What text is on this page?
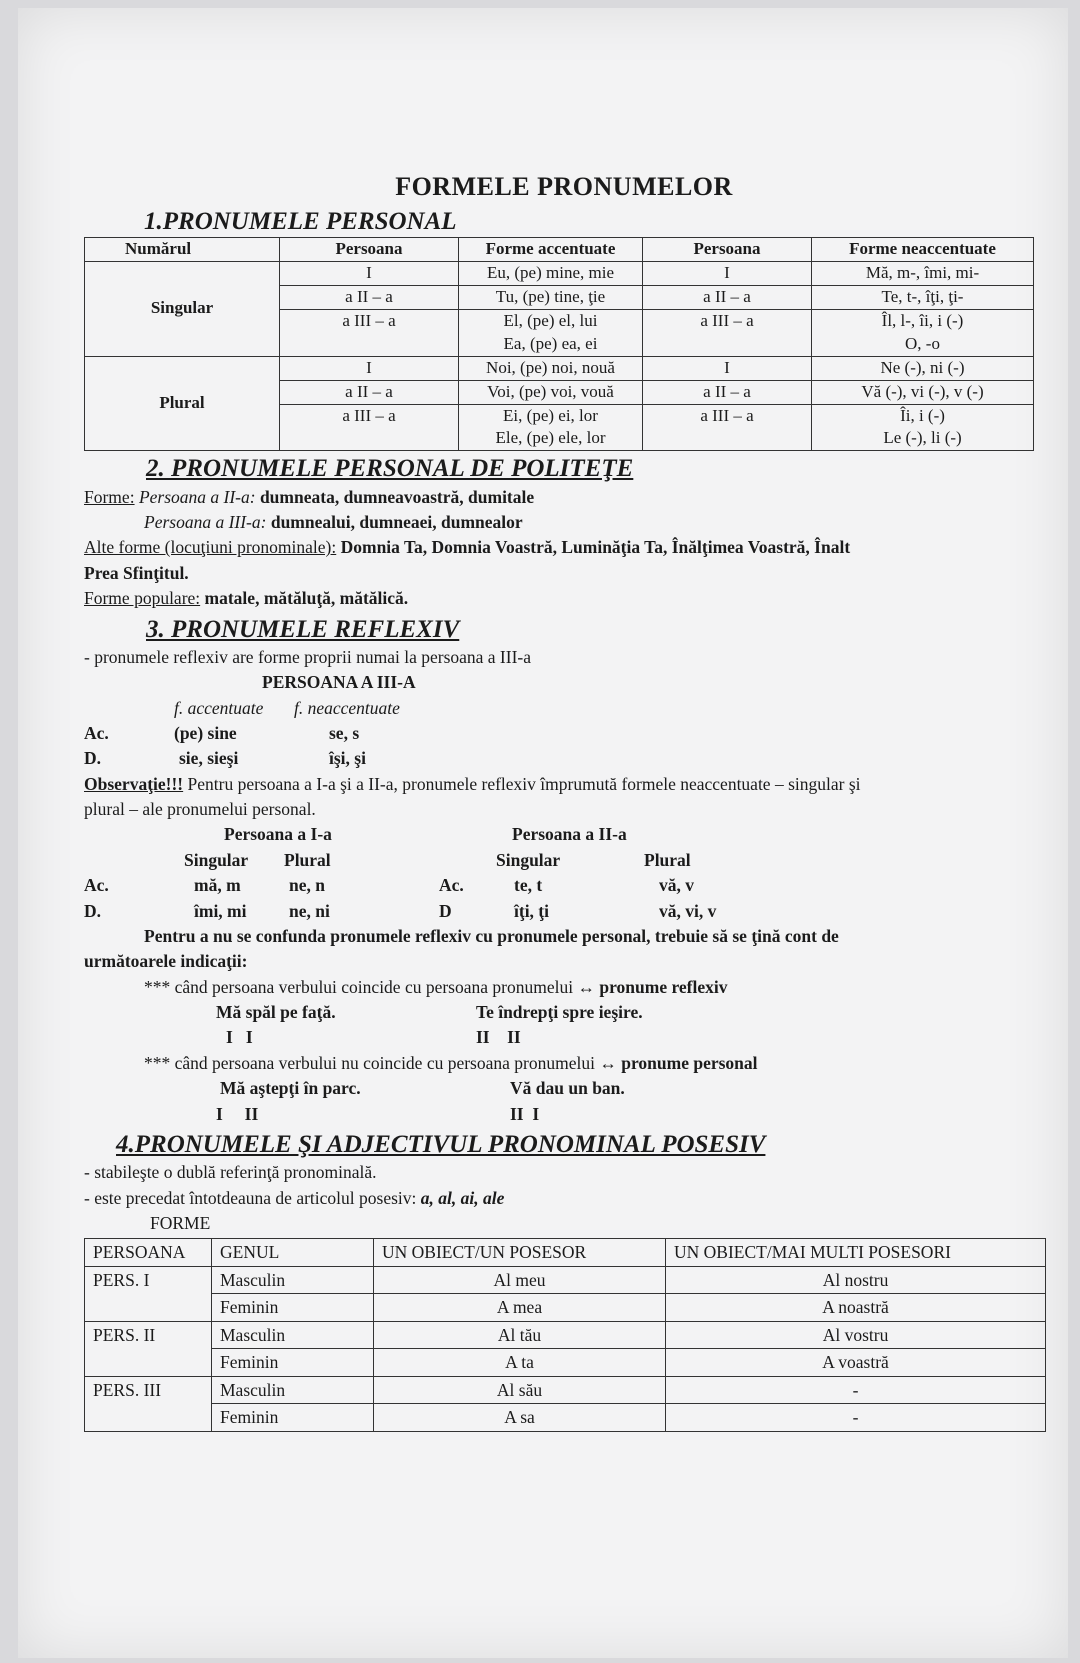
FORMELE PRONUMELOR
1.PRONUMELE PERSONAL
Numărul	Persoana	Forme accentuate	Persoana	Forme neaccentuate
Singular	I	Eu, (pe) mine, mie	I	Mă, m-, îmi, mi-
	a II – a	Tu, (pe) tine, ţie	a II – a	Te, t-, îţi, ţi-
	a III – a	El, (pe) el, lui	a III – a	Îl, l-, îi, i (-)
		Ea, (pe) ea, ei		O, -o
Plural	I	Noi, (pe) noi, nouă	I	Ne (-), ni (-)
	a II – a	Voi, (pe) voi, vouă	a II – a	Vă (-), vi (-), v (-)
	a III – a	Ei, (pe) ei, lor	a III – a	Îi, i (-)
		Ele, (pe) ele, lor		Le (-), li (-)
2. PRONUMELE PERSONAL DE POLITEŢE

Forme: Persoana a II-a: dumneata, dumneavoastră, dumitale

Persoana a III-a: dumnealui, dumneaei, dumnealor

Alte forme (locuţiuni pronominale): Domnia Ta, Domnia Voastră, Luminăţia Ta, Înălţimea Voastră, Înalt

Prea Sfinţitul.

Forme populare: matale, mătăluţă, mătălică.

3. PRONUMELE REFLEXIV

- pronumele reflexiv are forme proprii numai la persoana a III-a

PERSOANA A III-A

f. accentuate	f. neaccentuate
Ac.	(pe) sine	se, s
D.	sie, sieşi	îşi, şi

Observaţie!!! Pentru persoana a I-a şi a II-a, pronumele reflexiv împrumută formele neaccentuate – singular şi

plural – ale pronumelui personal.

Persoana a I-a	Persoana a II-a
Singular	Plural	Singular	Plural
Ac.	mă, m	ne, n	Ac.	te, t	vă, v
D.	îmi, mi	ne, ni	D	îţi, ţi	vă, vi, v

Pentru a nu se confunda pronumele reflexiv cu pronumele personal, trebuie să se ţină cont de

următoarele indicaţii:

*** când persoana verbului coincide cu persoana pronumelui ↔ pronume reflexiv

Mă spăl pe faţă.	Te îndrepţi spre ieşire.
I   I	II    II

*** când persoana verbului nu coincide cu persoana pronumelui ↔ pronume personal

Mă aştepţi în parc.	Vă dau un ban.
I     II	II  I
4.PRONUMELE ŞI ADJECTIVUL PRONOMINAL POSESIV

- stabileşte o dublă referinţă pronominală.

- este precedat întotdeauna de articolul posesiv: a, al, ai, ale

FORME

PERSOANA	GENUL	UN OBIECT/UN POSESOR	UN OBIECT/MAI MULTI POSESORI
PERS. I	Masculin	Al meu	Al nostru
	Feminin	A mea	A noastră
PERS. II	Masculin	Al tău	Al vostru
	Feminin	A ta	A voastră
PERS. III	Masculin	Al său	-
	Feminin	A sa	-
